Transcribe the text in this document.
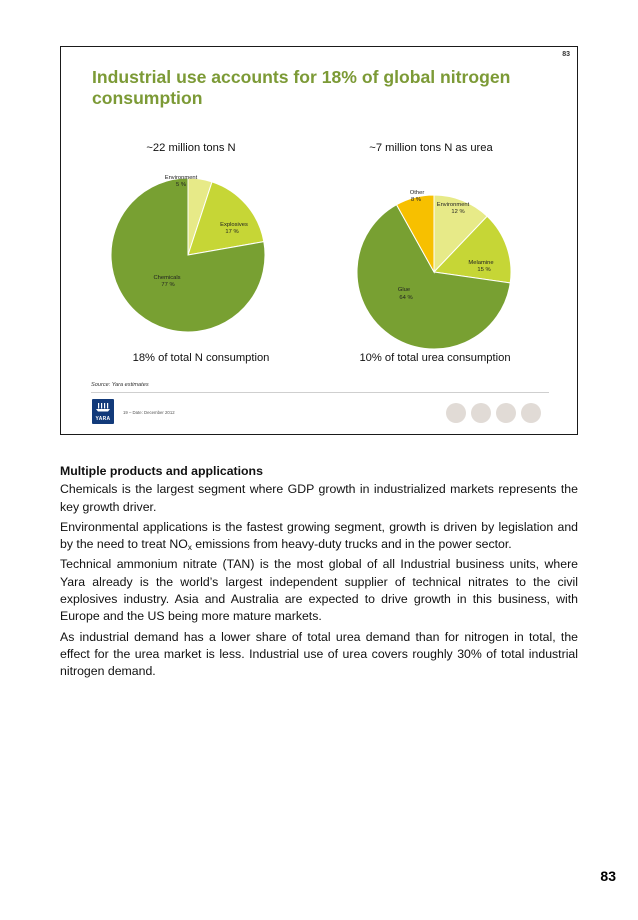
83
Industrial use accounts for 18% of global nitrogen consumption
~22 million tons N	~7 million tons N as urea
Environment
5 %
Explosives
17 %
Chemicals
77 %
Environment
12 %
Melamine
15 %
Glue
64 %
Other
8 %
18% of total N consumption	10% of total urea consumption
Source: Yara estimates
YARA
19 – Date: December 2012
Multiple products and applications

Chemicals is the largest segment where GDP growth in industrialized markets represents the key growth driver.

Environmental applications is the fastest growing segment, growth is driven by legislation and by the need to treat $NO_x$ emissions from heavy-duty trucks and in the power sector.

Technical ammonium nitrate (TAN) is the most global of all Industrial business units, where Yara already is the world’s largest independent supplier of technical nitrates to the civil explosives industry. Asia and Australia are expected to drive growth in this business, with Europe and the US being more mature markets.

As industrial demand has a lower share of total urea demand than for nitrogen in total, the effect for the urea market is less. Industrial use of urea covers roughly 30% of total industrial nitrogen demand.

83
